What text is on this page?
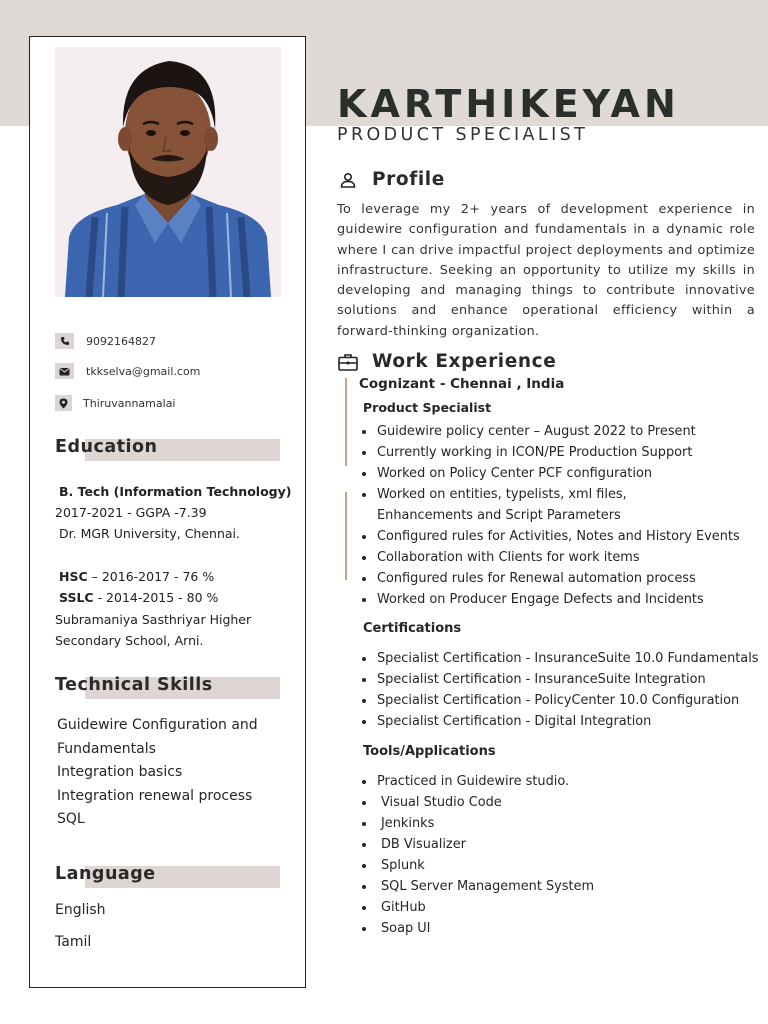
9092164827
tkkselva@gmail.com
Thiruvannamalai
Education
B. Tech (Information Technology)
2017-2021 - GGPA -7.39
Dr. MGR University, Chennai.
HSC – 2016-2017 - 76 %
SSLC - 2014-2015 - 80 %
Subramaniya Sasthriyar Higher
Secondary School, Arni.
Technical Skills
Guidewire Configuration and
Fundamentals
Integration basics
Integration renewal process
SQL
Language
English
Tamil
KARTHIKEYAN
PRODUCT SPECIALIST
Profile
To leverage my 2+ years of development experience in guidewire configuration and fundamentals in a dynamic role where I can drive impactful project deployments and optimize infrastructure. Seeking an opportunity to utilize my skills in developing and managing things to contribute innovative solutions and enhance operational efficiency within a forward-thinking organization.
Work Experience
Cognizant - Chennai , India
Product Specialist
Guidewire policy center – August 2022 to Present
Currently working in ICON/PE Production Support
Worked on Policy Center PCF configuration
Worked on entities, typelists, xml files, Enhancements and Script Parameters
Configured rules for Activities, Notes and History Events
Collaboration with Clients for work items
Configured rules for Renewal automation process
Worked on Producer Engage Defects and Incidents
Certifications
Specialist Certification - InsuranceSuite 10.0 Fundamentals
Specialist Certification - InsuranceSuite Integration
Specialist Certification - PolicyCenter 10.0 Configuration
Specialist Certification - Digital Integration
Tools/Applications
Practiced in Guidewire studio.
Visual Studio Code
Jenkinks
DB Visualizer
Splunk
SQL Server Management System
GitHub
Soap UI
